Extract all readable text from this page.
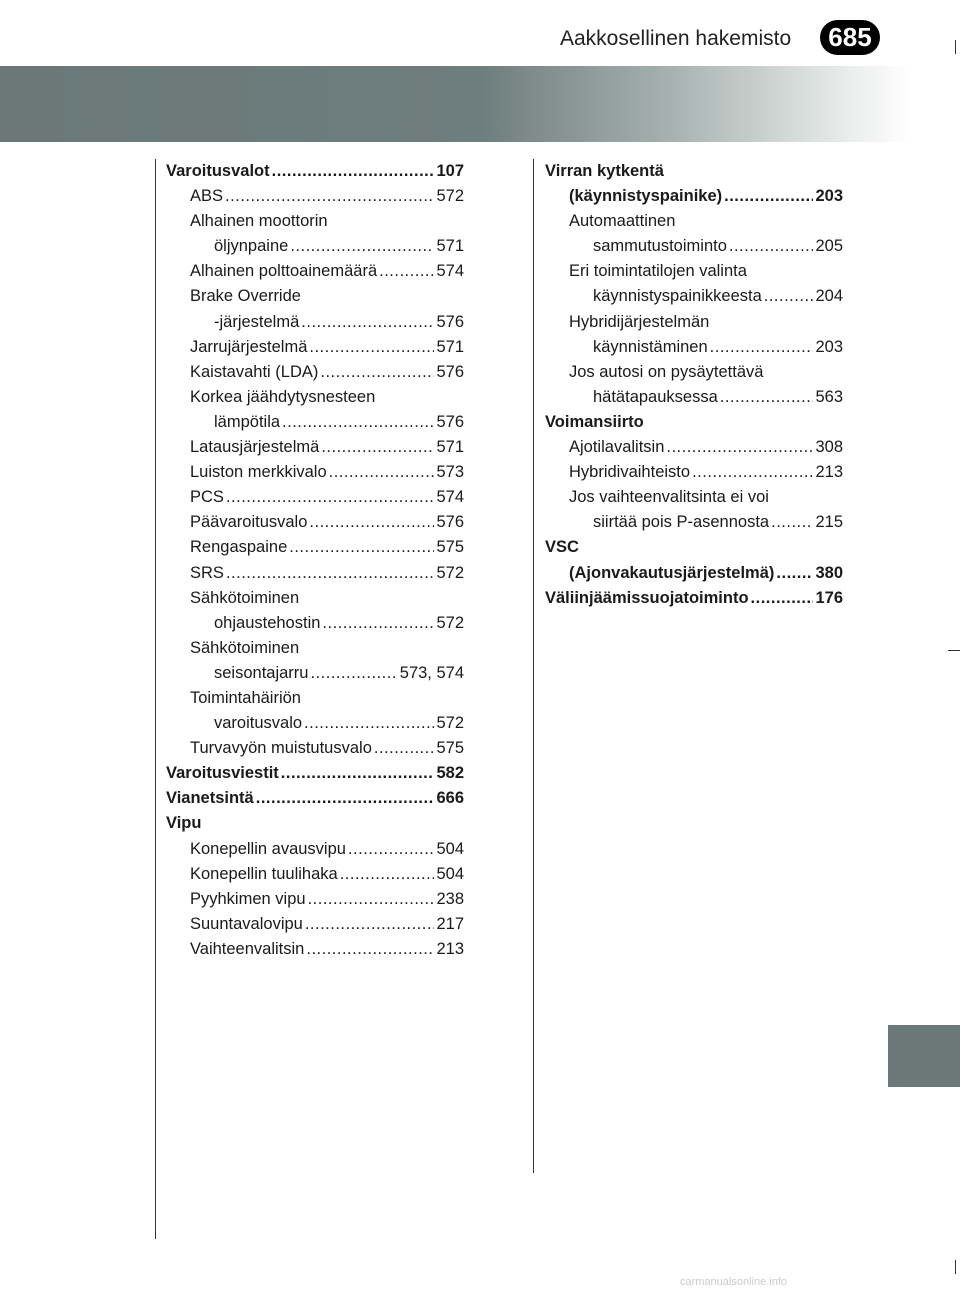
Aakkosellinen hakemisto	685
Varoitusvalot .....	107
ABS .....	572
Alhainen moottorin
öljynpaine .....	571
Alhainen polttoainemäärä .....	574
Brake Override
-järjestelmä .....	576
Jarrujärjestelmä .....	571
Kaistavahti (LDA) .....	576
Korkea jäähdytysnesteen
lämpötila .....	576
Latausjärjestelmä .....	571
Luiston merkkivalo .....	573
PCS .....	574
Päävaroitusvalo .....	576
Rengaspaine .....	575
SRS .....	572
Sähkötoiminen
ohjaustehostin .....	572
Sähkötoiminen
seisontajarru .....	573, 574
Toimintahäiriön
varoitusvalo .....	572
Turvavyön muistutusvalo .....	575
Varoitusviestit .....	582
Vianetsintä .....	666
Vipu
Konepellin avausvipu .....	504
Konepellin tuulihaka .....	504
Pyyhkimen vipu .....	238
Suuntavalovipu .....	217
Vaihteenvalitsin .....	213
Virran kytkentä
(käynnistyspainike) .....	203
Automaattinen
sammutustoiminto .....	205
Eri toimintatilojen valinta
käynnistyspainikkeesta .....	204
Hybridijärjestelmän
käynnistäminen .....	203
Jos autosi on pysäytettävä
hätätapauksessa .....	563
Voimansiirto
Ajotilavalitsin .....	308
Hybridivaihteisto .....	213
Jos vaihteenvalitsinta ei voi
siirtää pois P-asennosta .....	215
VSC
(Ajonvakautusjärjestelmä) ..... 380
Väliinjäämissuojatoiminto .....	176
carmanualsonline.info
